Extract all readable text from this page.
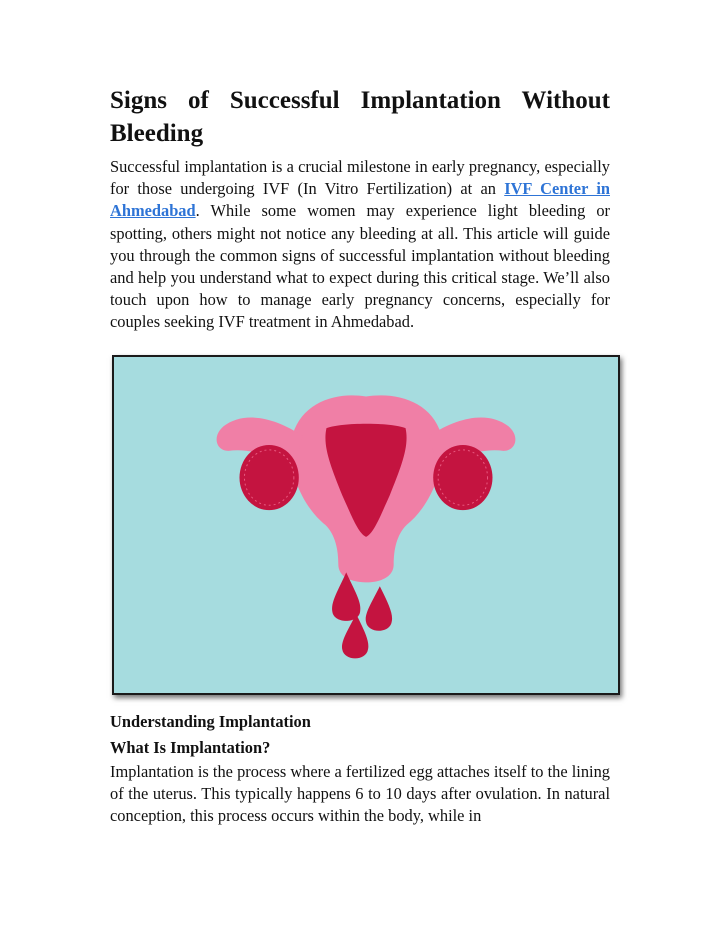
Signs of Successful Implantation Without Bleeding

Successful implantation is a crucial milestone in early pregnancy, especially for those undergoing IVF (In Vitro Fertilization) at an IVF Center in Ahmedabad. While some women may experience light bleeding or spotting, others might not notice any bleeding at all. This article will guide you through the common signs of successful implantation without bleeding and help you understand what to expect during this critical stage. We’ll also touch upon how to manage early pregnancy concerns, especially for couples seeking IVF treatment in Ahmedabad.

Understanding Implantation
What Is Implantation?

Implantation is the process where a fertilized egg attaches itself to the lining of the uterus. This typically happens 6 to 10 days after ovulation. In natural conception, this process occurs within the body, while in
